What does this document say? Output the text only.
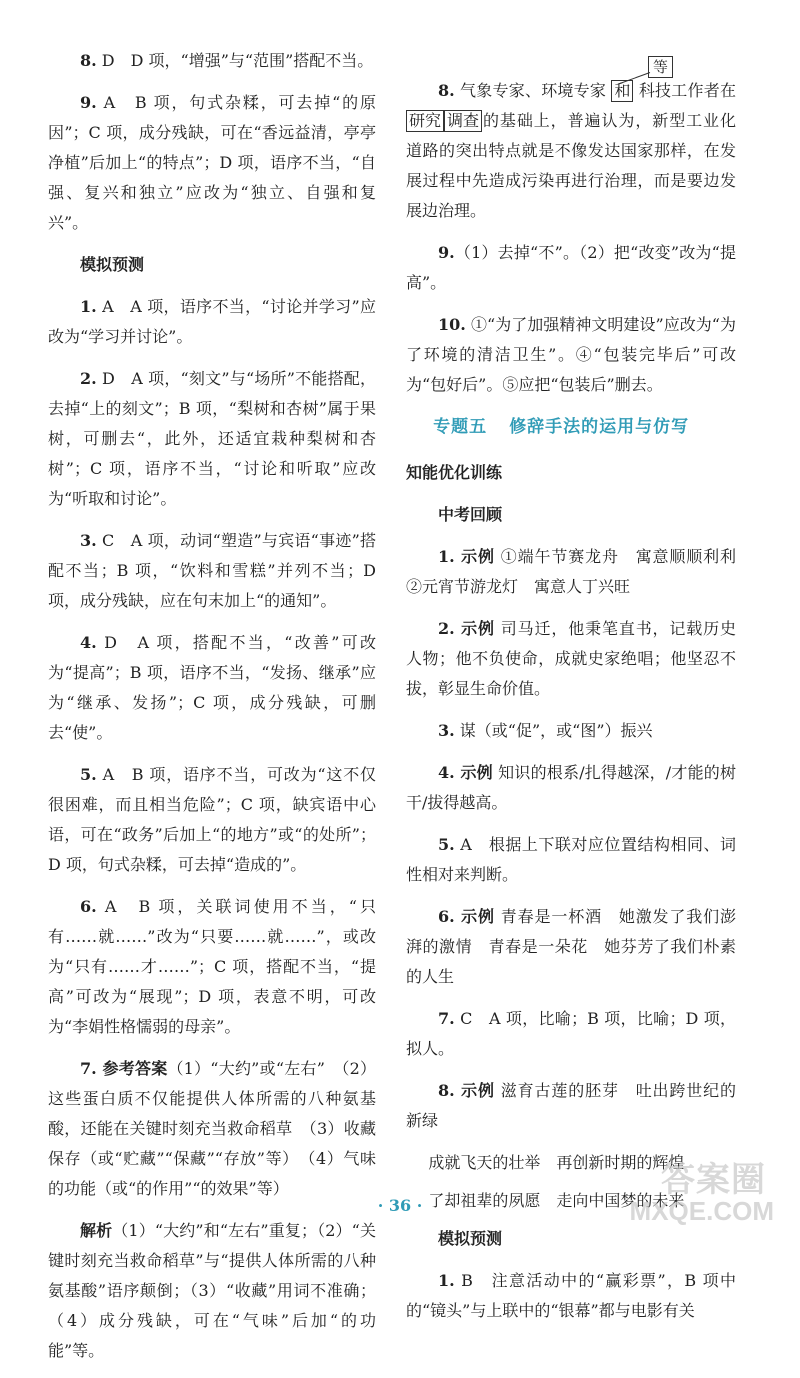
8. D　D 项，“增强”与“范围”搭配不当。

9. A　B 项，句式杂糅，可去掉“的原因”；C 项，成分残缺，可在“香远益清，亭亭净植”后加上“的特点”；D 项，语序不当，“自强、复兴和独立”应改为“独立、自强和复兴”。

模拟预测

1. A　A 项，语序不当，“讨论并学习”应改为“学习并讨论”。

2. D　A 项，“刻文”与“场所”不能搭配，去掉“上的刻文”；B 项，“梨树和杏树”属于果树，可删去“，此外，还适宜栽种梨树和杏树”；C 项，语序不当，“讨论和听取”应改为“听取和讨论”。

3. C　A 项，动词“塑造”与宾语“事迹”搭配不当；B 项，“饮料和雪糕”并列不当；D 项，成分残缺，应在句末加上“的通知”。

4. D　A 项，搭配不当，“改善”可改为“提高”；B 项，语序不当，“发扬、继承”应为“继承、发扬”；C 项，成分残缺，可删去“使”。

5. A　B 项，语序不当，可改为“这不仅很困难，而且相当危险”；C 项，缺宾语中心语，可在“政务”后加上“的地方”或“的处所”；D 项，句式杂糅，可去掉“造成的”。

6. A　B 项，关联词使用不当，“只有……就……”改为“只要……就……”，或改为“只有……才……”；C 项，搭配不当，“提高”可改为“展现”；D 项，表意不明，可改为“李娟性格懦弱的母亲”。

7. 参考答案（1）“大约”或“左右”　（2）这些蛋白质不仅能提供人体所需的八种氨基酸，还能在关键时刻充当救命稻草　（3）收藏　保存（或“贮藏”“保藏”“存放”等）　（4）气味　的功能（或“的作用”“的效果”等）

解析（1）“大约”和“左右”重复；（2）“关键时刻充当救命稻草”与“提供人体所需的八种氨基酸”语序颠倒；（3）“收藏”用词不准确；（4）成分残缺，可在“气味”后加“的功能”等。

等

8. 气象专家、环境专家 和 科技工作者在研究 调查 的基础上，普遍认为，新型工业化道路的突出特点就是不像发达国家那样，在发展过程中先造成污染再进行治理，而是要边发展边治理。

9.（1）去掉“不”。（2）把“改变”改为“提高”。

10. ①“为了加强精神文明建设”应改为“为了环境的清洁卫生”。④“包装完毕后”可改为“包好后”。⑤应把“包装后”删去。

专题五 修辞手法的运用与仿写
知能优化训练
中考回顾

1. 示例 ①端午节赛龙舟　寓意顺顺利利 ②元宵节游龙灯　寓意人丁兴旺

2. 示例 司马迁，他秉笔直书，记载历史人物；他不负使命，成就史家绝唱；他坚忍不拔，彰显生命价值。

3. 谋（或“促”，或“图”）振兴

4. 示例 知识的根系/扎得越深，/才能的树干/拔得越高。

5. A　根据上下联对应位置结构相同、词性相对来判断。

6. 示例 青春是一杯酒　她激发了我们澎湃的激情　青春是一朵花　她芬芳了我们朴素的人生

7. C　A 项，比喻；B 项，比喻；D 项，拟人。

8. 示例 滋育古莲的胚芽　吐出跨世纪的新绿

成就飞天的壮举　再创新时期的辉煌
了却祖辈的夙愿　走向中国梦的未来
模拟预测

1. B　注意活动中的“赢彩票”，B 项中的“镜头”与上联中的“银幕”都与电影有关

· 36 ·
答案圈
MXQE.COM
